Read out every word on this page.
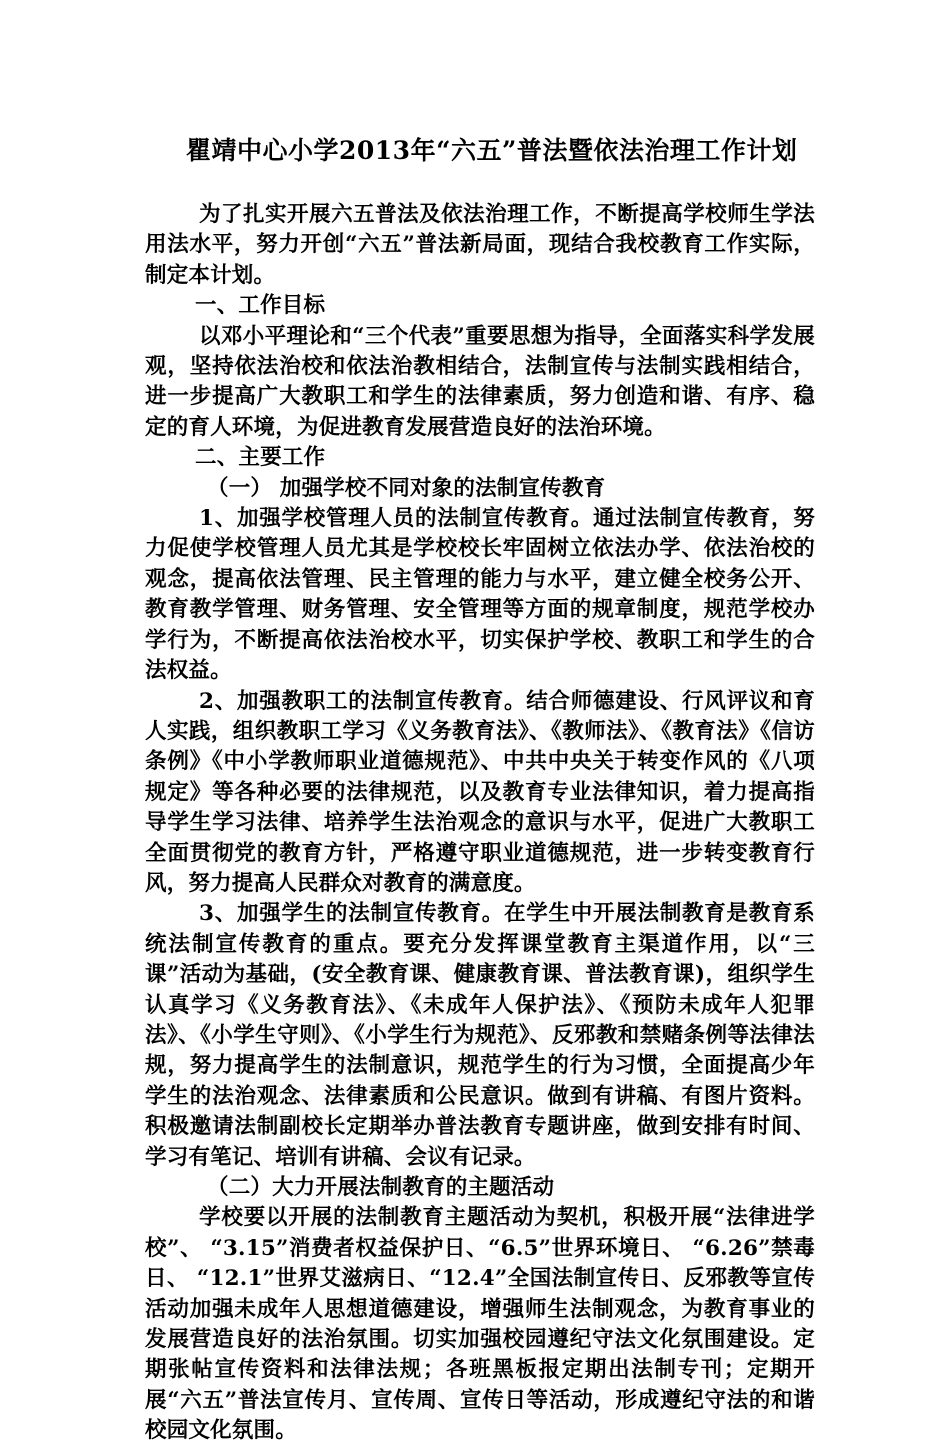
瞿靖中心小学2013年“六五”普法暨依法治理工作计划

为了扎实开展六五普法及依法治理工作，不断提高学校师生学法用法水平，努力开创“六五”普法新局面，现结合我校教育工作实际，制定本计划。

一、工作目标

以邓小平理论和“三个代表”重要思想为指导，全面落实科学发展观，坚持依法治校和依法治教相结合，法制宣传与法制实践相结合，进一步提高广大教职工和学生的法律素质，努力创造和谐、有序、稳定的育人环境，为促进教育发展营造良好的法治环境。

二、主要工作

（一） 加强学校不同对象的法制宣传教育

1、加强学校管理人员的法制宣传教育。通过法制宣传教育，努力促使学校管理人员尤其是学校校长牢固树立依法办学、依法治校的观念，提高依法管理、民主管理的能力与水平，建立健全校务公开、教育教学管理、财务管理、安全管理等方面的规章制度，规范学校办学行为，不断提高依法治校水平，切实保护学校、教职工和学生的合法权益。

2、加强教职工的法制宣传教育。结合师德建设、行风评议和育人实践，组织教职工学习《义务教育法》、《教师法》、《教育法》《信访条例》《中小学教师职业道德规范》、中共中央关于转变作风的《八项规定》等各种必要的法律规范，以及教育专业法律知识，着力提高指导学生学习法律、培养学生法治观念的意识与水平，促进广大教职工全面贯彻党的教育方针，严格遵守职业道德规范，进一步转变教育行风，努力提高人民群众对教育的满意度。

3、加强学生的法制宣传教育。在学生中开展法制教育是教育系统法制宣传教育的重点。要充分发挥课堂教育主渠道作用，以“三课”活动为基础，(安全教育课、健康教育课、普法教育课)，组织学生认真学习《义务教育法》、《未成年人保护法》、《预防未成年人犯罪法》、《小学生守则》、《小学生行为规范》、反邪教和禁赌条例等法律法规，努力提高学生的法制意识，规范学生的行为习惯，全面提高少年学生的法治观念、法律素质和公民意识。做到有讲稿、有图片资料。积极邀请法制副校长定期举办普法教育专题讲座，做到安排有时间、学习有笔记、培训有讲稿、会议有记录。

（二）大力开展法制教育的主题活动

学校要以开展的法制教育主题活动为契机，积极开展“法律进学校”、 “3.15”消费者权益保护日、“6.5”世界环境日、 “6.26”禁毒日、 “12.1”世界艾滋病日、“12.4”全国法制宣传日、反邪教等宣传活动加强未成年人思想道德建设，增强师生法制观念，为教育事业的发展营造良好的法治氛围。切实加强校园遵纪守法文化氛围建设。定期张帖宣传资料和法律法规；各班黑板报定期出法制专刊；定期开展“六五”普法宣传月、宣传周、宣传日等活动，形成遵纪守法的和谐校园文化氛围。
